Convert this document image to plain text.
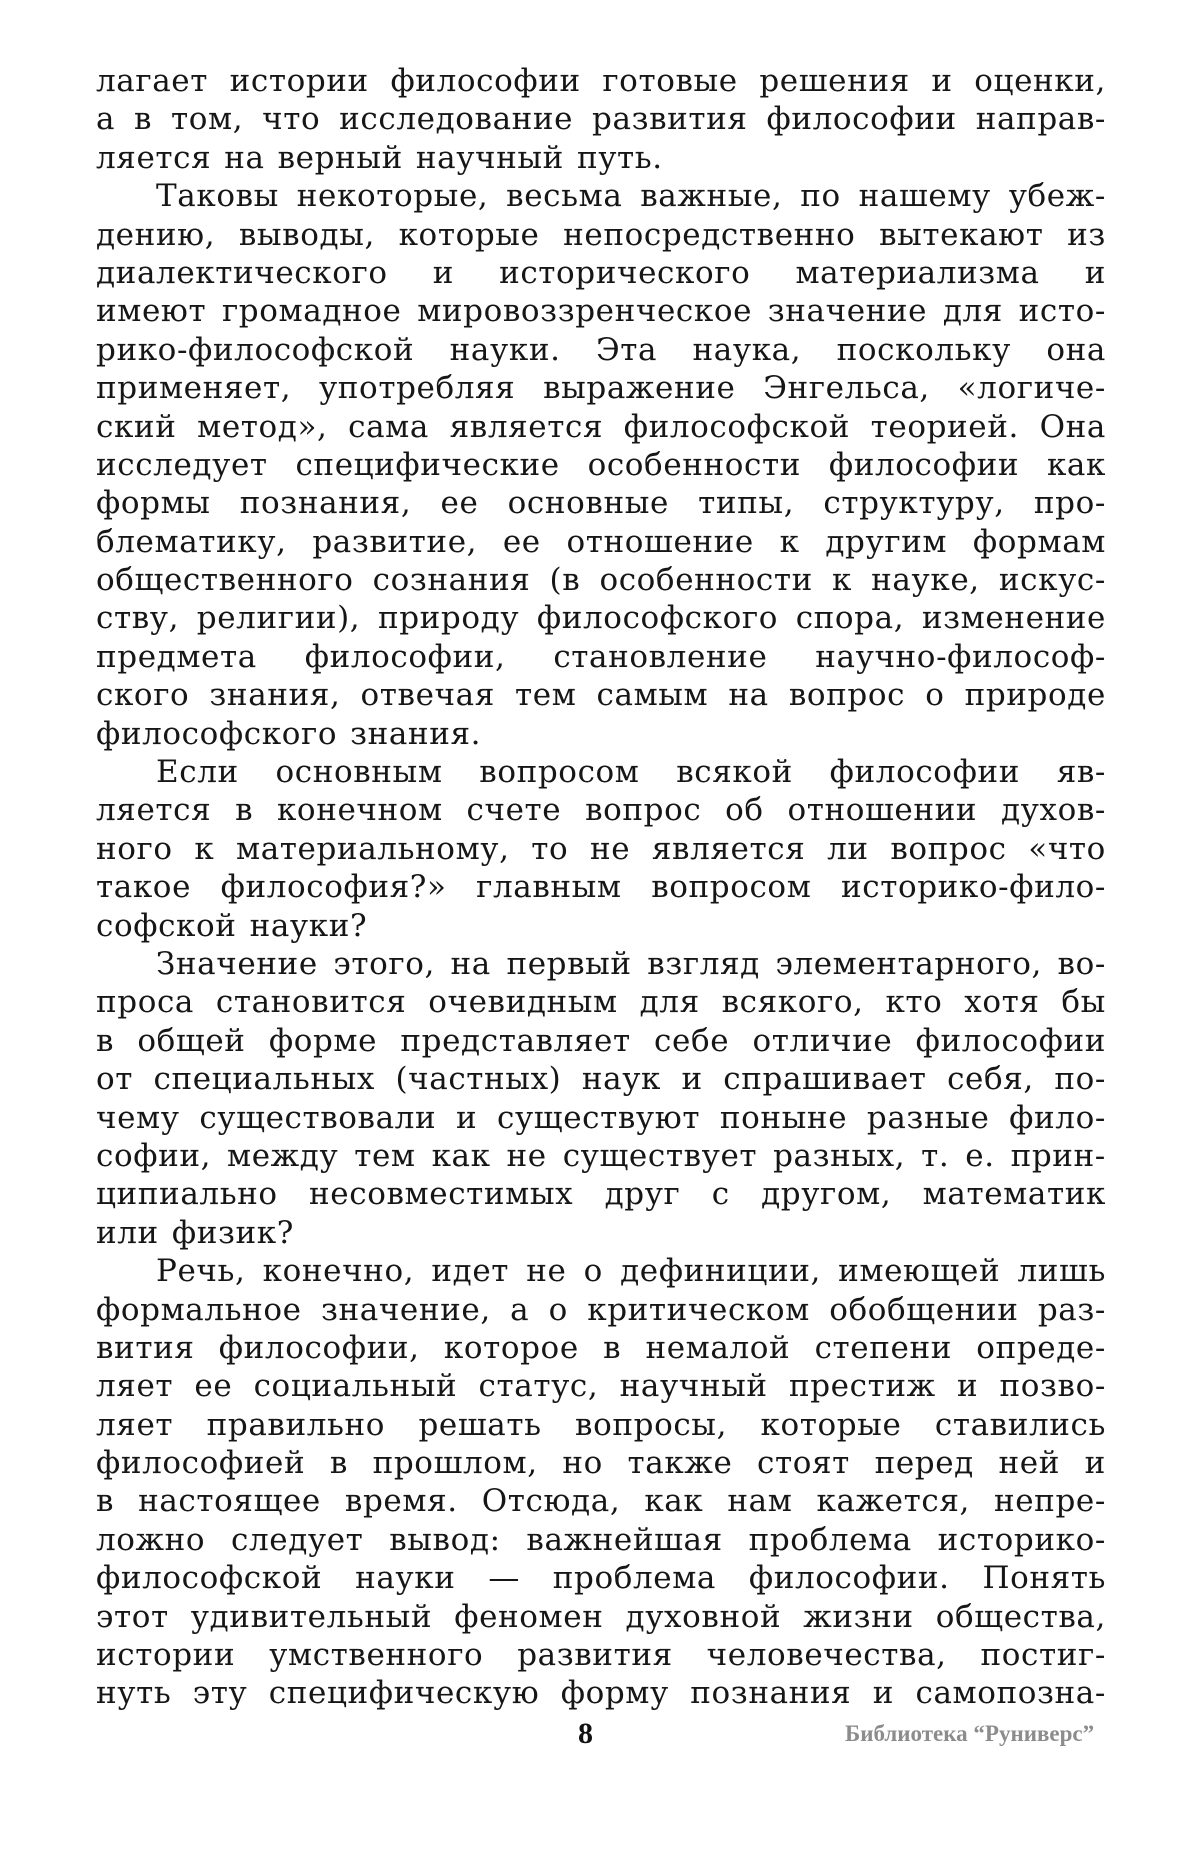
лагает истории философии готовые решения и оценки,
а в том, что исследование развития философии направ-
ляется на верный научный путь.
Таковы некоторые, весьма важные, по нашему убеж-
дению, выводы, которые непосредственно вытекают из
диалектического и исторического материализма и
имеют громадное мировоззренческое значение для исто-
рико-философской науки. Эта наука, поскольку она
применяет, употребляя выражение Энгельса, «логиче-
ский метод», сама является философской теорией. Она
исследует специфические особенности философии как
формы познания, ее основные типы, структуру, про-
блематику, развитие, ее отношение к другим формам
общественного сознания (в особенности к науке, искус-
ству, религии), природу философского спора, изменение
предмета философии, становление научно-философ-
ского знания, отвечая тем самым на вопрос о природе
философского знания.
Если основным вопросом всякой философии яв-
ляется в конечном счете вопрос об отношении духов-
ного к материальному, то не является ли вопрос «что
такое философия?» главным вопросом историко-фило-
софской науки?
Значение этого, на первый взгляд элементарного, во-
проса становится очевидным для всякого, кто хотя бы
в общей форме представляет себе отличие философии
от специальных (частных) наук и спрашивает себя, по-
чему существовали и существуют поныне разные фило-
софии, между тем как не существует разных, т. е. прин-
ципиально несовместимых друг с другом, математик
или физик?
Речь, конечно, идет не о дефиниции, имеющей лишь
формальное значение, а о критическом обобщении раз-
вития философии, которое в немалой степени опреде-
ляет ее социальный статус, научный престиж и позво-
ляет правильно решать вопросы, которые ставились
философией в прошлом, но также стоят перед ней и
в настоящее время. Отсюда, как нам кажется, непре-
ложно следует вывод: важнейшая проблема историко-
философской науки — проблема философии. Понять
этот удивительный феномен духовной жизни общества,
истории умственного развития человечества, постиг-
нуть эту специфическую форму познания и самопозна-
8	Библиотека “Руниверс”
